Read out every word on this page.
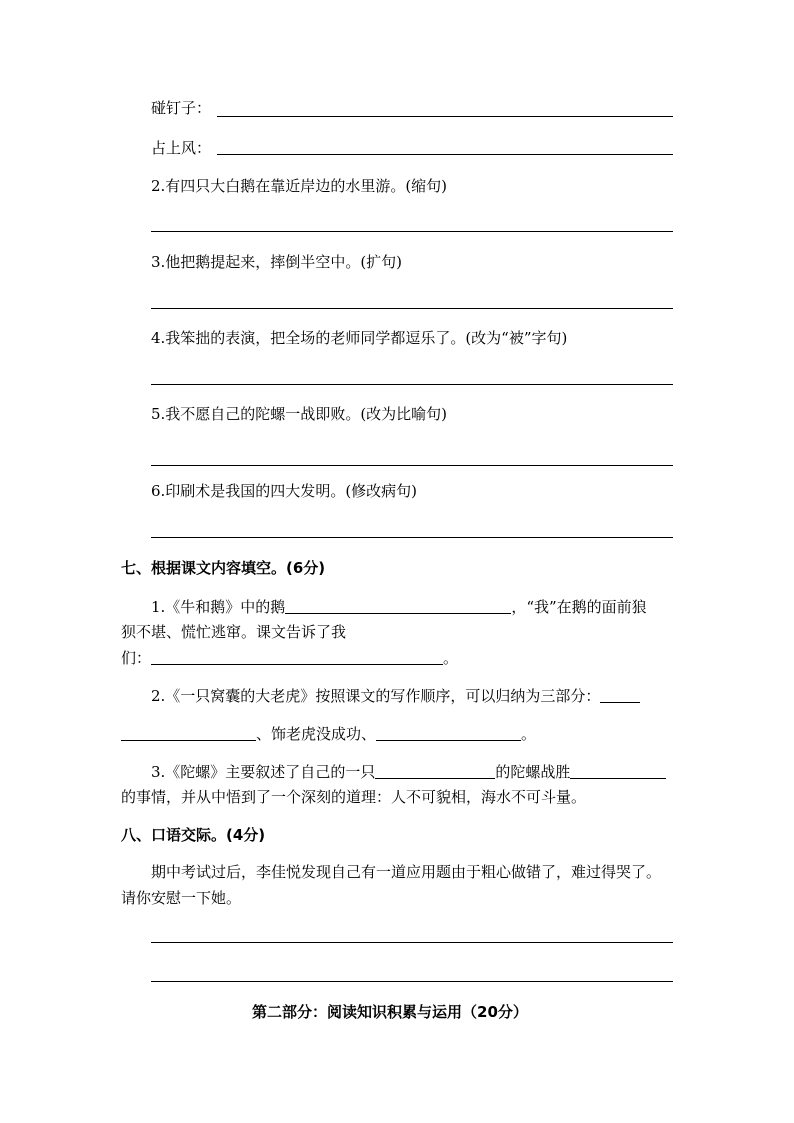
碰钉子：
占上风：
2.有四只大白鹅在靠近岸边的水里游。(缩句)
3.他把鹅提起来，摔倒半空中。(扩句)
4.我笨拙的表演，把全场的老师同学都逗乐了。(改为“被”字句)
5.我不愿自己的陀螺一战即败。(改为比喻句)
6.印刷术是我国的四大发明。(修改病句)
七、根据课文内容填空。(6分)
1.《牛和鹅》中的鹅	，“我”在鹅的面前狼
狈不堪、慌忙逃窜。课文告诉了我
们：	。
2.《一只窝囊的大老虎》按照课文的写作顺序，可以归纳为三部分：
、饰老虎没成功、	。
3.《陀螺》主要叙述了自己的一只	的陀螺战胜
的事情，并从中悟到了一个深刻的道理：人不可貌相，海水不可斗量。
八、口语交际。(4分)
期中考试过后，李佳悦发现自己有一道应用题由于粗心做错了，难过得哭了。
请你安慰一下她。
第二部分：阅读知识积累与运用（20分）
